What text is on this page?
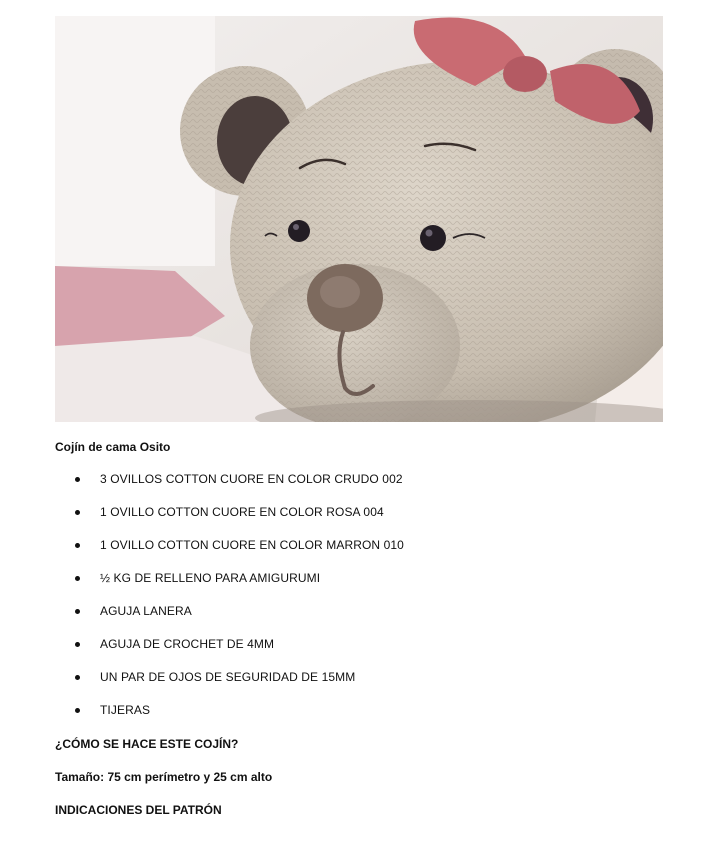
Cojín de cama Osito
3 OVILLOS COTTON CUORE EN COLOR CRUDO 002
1 OVILLO COTTON CUORE EN COLOR ROSA 004
1 OVILLO COTTON CUORE EN COLOR MARRON 010
½ KG DE RELLENO PARA AMIGURUMI
AGUJA LANERA
AGUJA DE CROCHET DE 4MM
UN PAR DE OJOS DE SEGURIDAD DE 15MM
TIJERAS
¿CÓMO SE HACE ESTE COJÍN?
Tamaño: 75 cm perímetro y 25 cm alto
INDICACIONES DEL PATRÓN
